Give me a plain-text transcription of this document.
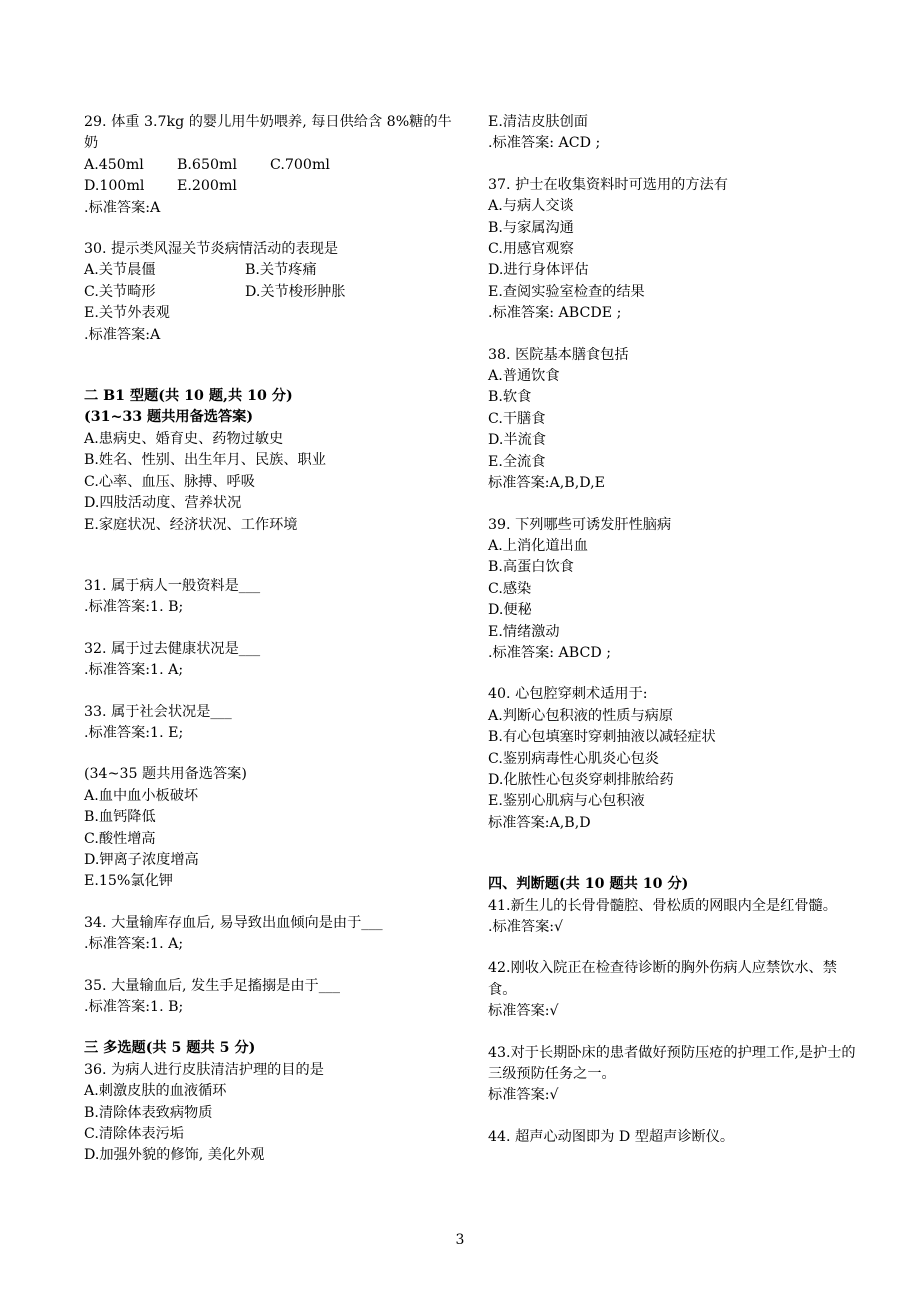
29. 体重 3.7kg 的婴儿用牛奶喂养, 每日供给含 8%糖的牛奶
A.450ml	B.650ml	C.700ml
D.100ml	E.200ml
.标准答案:A
30. 提示类风湿关节炎病情活动的表现是
A.关节晨僵	B.关节疼痛
C.关节畸形	D.关节梭形肿胀
E.关节外表观
.标准答案:A
二 B1 型题(共 10 题,共 10 分)
(31~33 题共用备选答案)
A.患病史、婚育史、药物过敏史
B.姓名、性别、出生年月、民族、职业
C.心率、血压、脉搏、呼吸
D.四肢活动度、营养状况
E.家庭状况、经济状况、工作环境
31. 属于病人一般资料是___
.标准答案:1. B;
32. 属于过去健康状况是___
.标准答案:1. A;
33. 属于社会状况是___
.标准答案:1. E;
(34~35 题共用备选答案)
A.血中血小板破坏
B.血钙降低
C.酸性增高
D.钾离子浓度增高
E.15%氯化钾
34. 大量输库存血后, 易导致出血倾向是由于___
.标准答案:1. A;
35. 大量输血后, 发生手足搐搦是由于___
.标准答案:1. B;
三 多选题(共 5 题共 5 分)
36. 为病人进行皮肤清洁护理的目的是
A.刺激皮肤的血液循环
B.清除体表致病物质
C.清除体表污垢
D.加强外貌的修饰, 美化外观
E.清洁皮肤创面
.标准答案: ACD ;
37. 护士在收集资料时可选用的方法有
A.与病人交谈
B.与家属沟通
C.用感官观察
D.进行身体评估
E.查阅实验室检查的结果
.标准答案: ABCDE ;
38. 医院基本膳食包括
A.普通饮食
B.软食
C.干膳食
D.半流食
E.全流食
标准答案:A,B,D,E
39. 下列哪些可诱发肝性脑病
A.上消化道出血
B.高蛋白饮食
C.感染
D.便秘
E.情绪激动
.标准答案: ABCD ;
40. 心包腔穿刺术适用于:
A.判断心包积液的性质与病原
B.有心包填塞时穿刺抽液以减轻症状
C.鉴别病毒性心肌炎心包炎
D.化脓性心包炎穿刺排脓给药
E.鉴别心肌病与心包积液
标准答案:A,B,D
四、判断题(共 10 题共 10 分)
41.新生儿的长骨骨髓腔、骨松质的网眼内全是红骨髓。
.标准答案:√
42.刚收入院正在检查待诊断的胸外伤病人应禁饮水、禁食。
标准答案:√
43.对于长期卧床的患者做好预防压疮的护理工作,是护士的三级预防任务之一。
标准答案:√
44. 超声心动图即为 D 型超声诊断仪。
3
